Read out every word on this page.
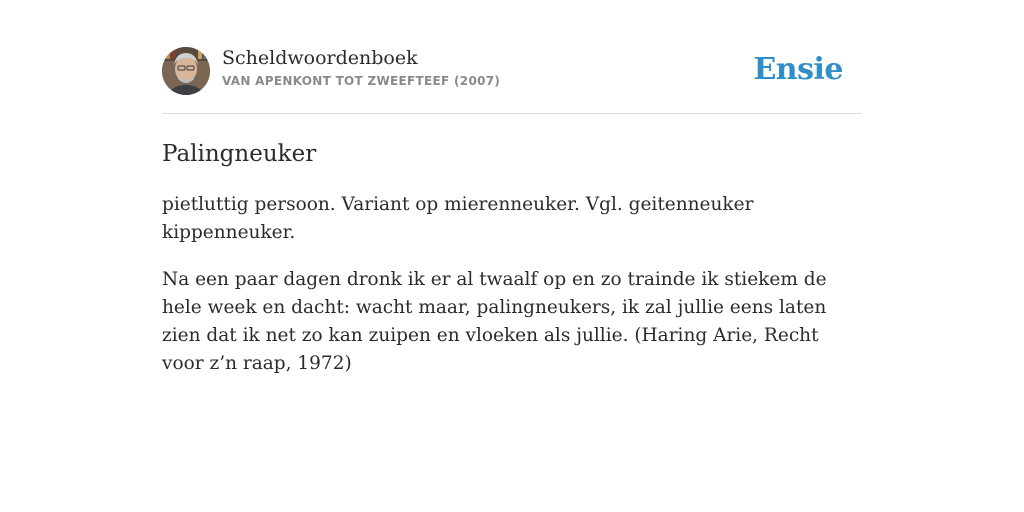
Scheldwoordenboek
VAN APENKONT TOT ZWEEFTEEF (2007)	Ensie
Palingneuker

pietluttig persoon. Variant op mierenneuker. Vgl. geitenneuker kippenneuker.

Na een paar dagen dronk ik er al twaalf op en zo trainde ik stiekem de hele week en dacht: wacht maar, palingneukers, ik zal jullie eens laten zien dat ik net zo kan zuipen en vloeken als jullie. (Haring Arie, Recht voor z’n raap, 1972)
